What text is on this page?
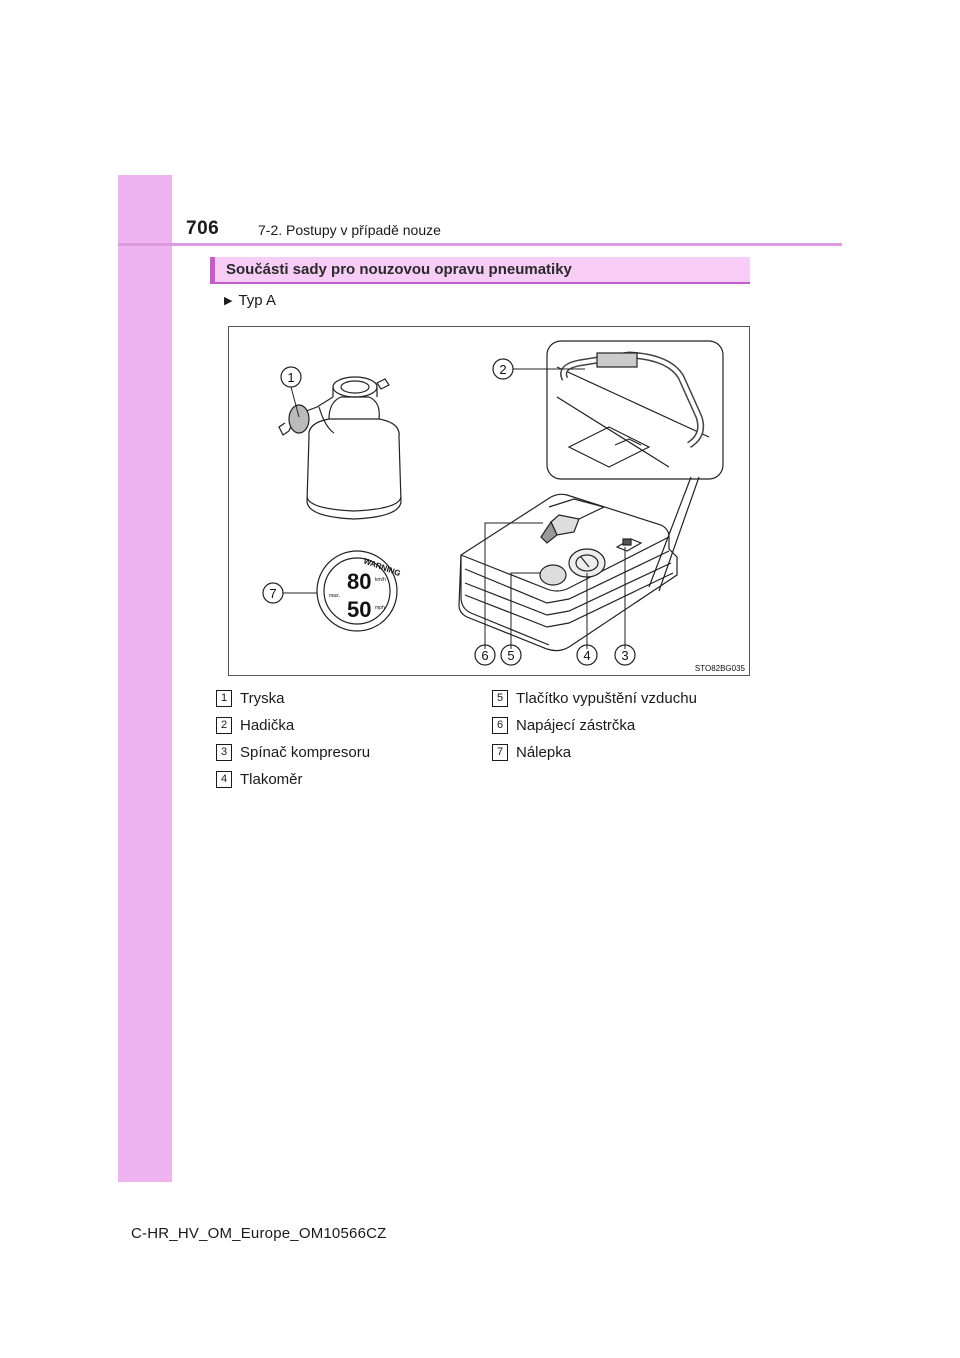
706	7-2. Postupy v případě nouze
Součásti sady pro nouzovou opravu pneumatiky
▶ Typ A
1
2
3
4
5
6
7
WARNING
80
50
km/h
mph
max.
STO82BG035
1 Tryska
2 Hadička
3 Spínač kompresoru
4 Tlakoměr
5 Tlačítko vypuštění vzduchu
6 Napájecí zástrčka
7 Nálepka
C-HR_HV_OM_Europe_OM10566CZ
